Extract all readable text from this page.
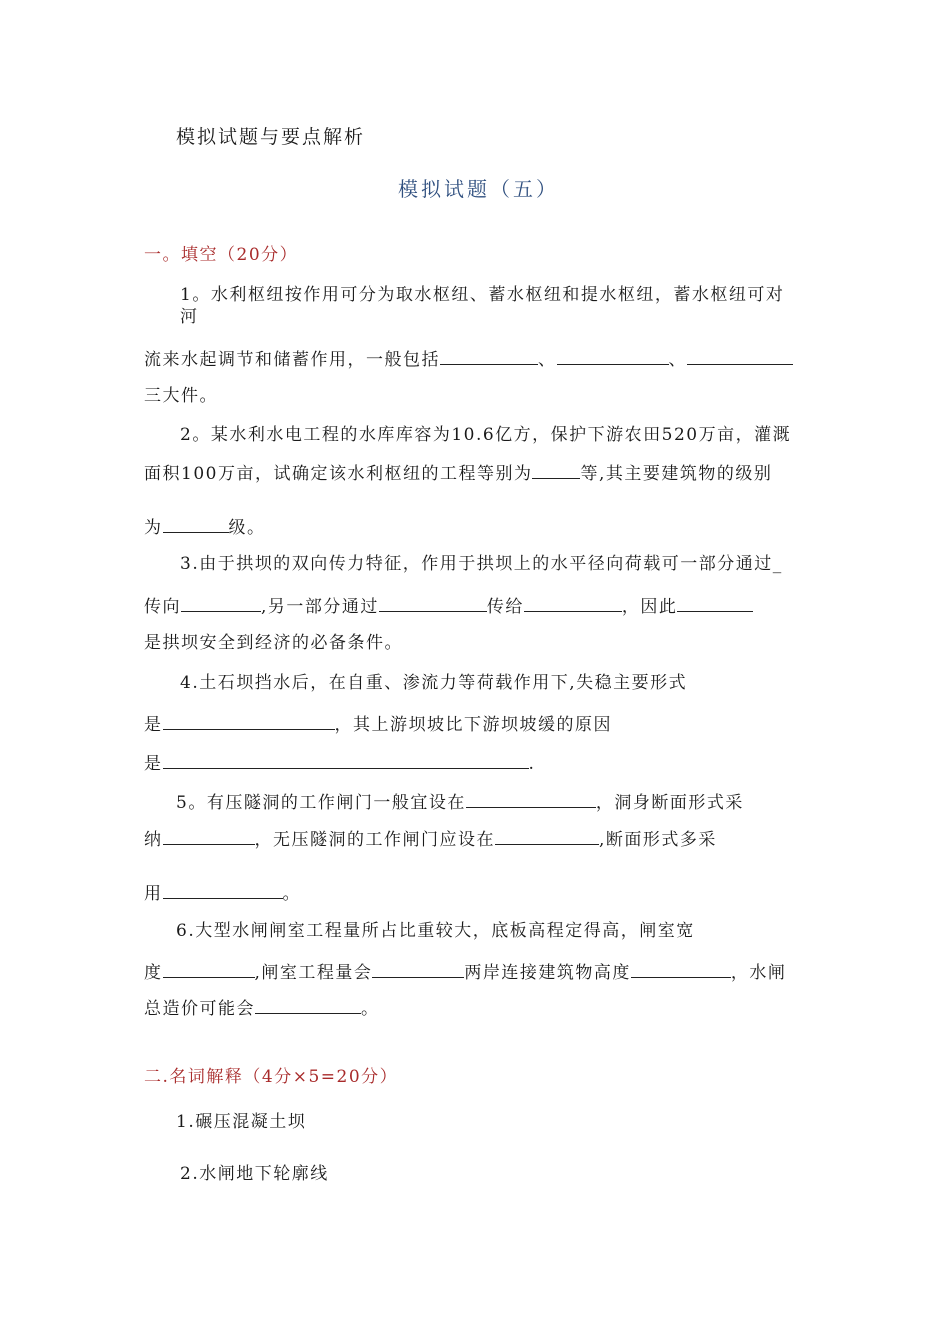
模拟试题与要点解析
模拟试题（五）
一。填空（20分）
1。水利枢纽按作用可分为取水枢纽、蓄水枢纽和提水枢纽，蓄水枢纽可对
河
流来水起调节和储蓄作用，一般包括	、	、
三大件。
2。某水利水电工程的水库库容为10.6亿方，保护下游农田520万亩，灌溉
面积100万亩，试确定该水利枢纽的工程等别为	等,其主要建筑物的级别
为	级。
3.由于拱坝的双向传力特征，作用于拱坝上的水平径向荷载可一部分通过_
传向	,另一部分通过	传给	，因此
是拱坝安全到经济的必备条件。
4.土石坝挡水后，在自重、渗流力等荷载作用下,失稳主要形式
是	，其上游坝坡比下游坝坡缓的原因
是	.
5。有压隧洞的工作闸门一般宜设在	，洞身断面形式采
纳	，无压隧洞的工作闸门应设在	,断面形式多采
用	。
6.大型水闸闸室工程量所占比重较大，底板高程定得高，闸室宽
度	,闸室工程量会	两岸连接建筑物高度	，水闸
总造价可能会	。
二.名词解释（4分×5=20分）
1.碾压混凝土坝
2.水闸地下轮廓线
